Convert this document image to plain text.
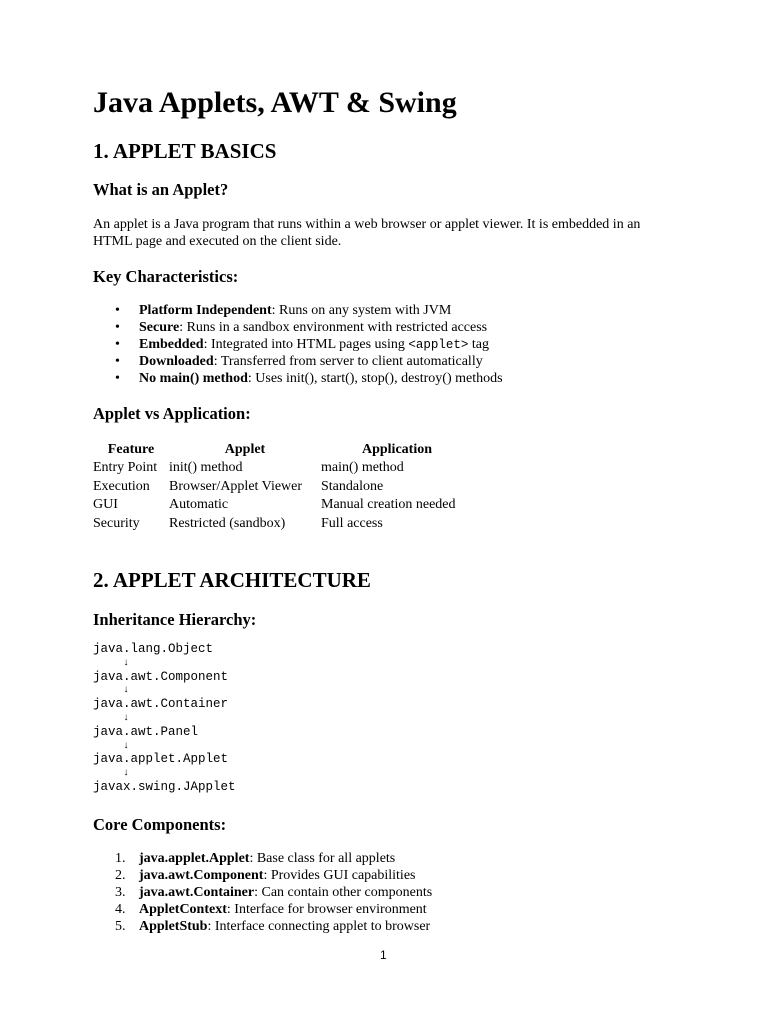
Java Applets, AWT & Swing
1. APPLET BASICS
What is an Applet?

An applet is a Java program that runs within a web browser or applet viewer. It is embedded in an HTML page and executed on the client side.

Key Characteristics:
• Platform Independent: Runs on any system with JVM
• Secure: Runs in a sandbox environment with restricted access
• Embedded: Integrated into HTML pages using <applet> tag
• Downloaded: Transferred from server to client automatically
• No main() method: Uses init(), start(), stop(), destroy() methods
Applet vs Application:
Feature	Applet	Application
Entry Point	init() method	main() method
Execution	Browser/Applet Viewer	Standalone
GUI	Automatic	Manual creation needed
Security	Restricted (sandbox)	Full access
2. APPLET ARCHITECTURE
Inheritance Hierarchy:
java.lang.Object
↓
java.awt.Component
↓
java.awt.Container
↓
java.awt.Panel
↓
java.applet.Applet
↓
javax.swing.JApplet
Core Components:
1. java.applet.Applet: Base class for all applets
2. java.awt.Component: Provides GUI capabilities
3. java.awt.Container: Can contain other components
4. AppletContext: Interface for browser environment
5. AppletStub: Interface connecting applet to browser
1
